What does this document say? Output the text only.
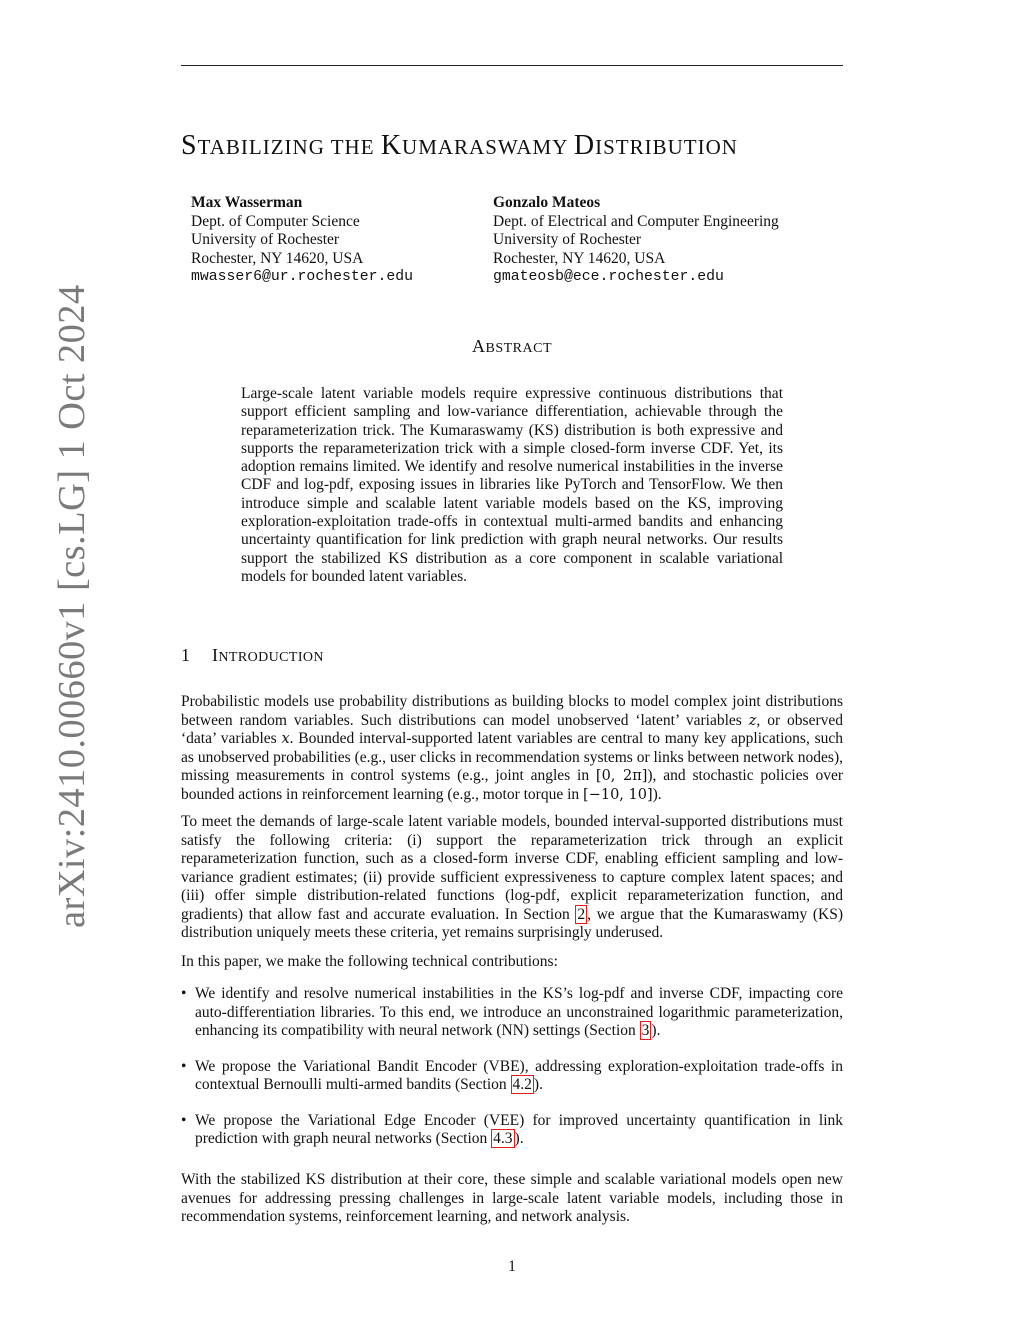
arXiv:2410.00660v1 [cs.LG] 1 Oct 2024
STABILIZING THE KUMARASWAMY DISTRIBUTION
Max Wasserman
Dept. of Computer Science
University of Rochester
Rochester, NY 14620, USA
mwasser6@ur.rochester.edu
Gonzalo Mateos
Dept. of Electrical and Computer Engineering
University of Rochester
Rochester, NY 14620, USA
gmateosb@ece.rochester.edu
ABSTRACT

Large-scale latent variable models require expressive continuous distributions that support efficient sampling and low-variance differentiation, achievable through the reparameterization trick. The Kumaraswamy (KS) distribution is both expressive and supports the reparameterization trick with a simple closed-form inverse CDF. Yet, its adoption remains limited. We identify and resolve numerical instabilities in the inverse CDF and log-pdf, exposing issues in libraries like PyTorch and TensorFlow. We then introduce simple and scalable latent variable models based on the KS, improving exploration-exploitation trade-offs in contextual multi-armed bandits and enhancing uncertainty quantification for link prediction with graph neural networks. Our results support the stabilized KS distribution as a core component in scalable variational models for bounded latent variables.

1 INTRODUCTION

Probabilistic models use probability distributions as building blocks to model complex joint distributions between random variables. Such distributions can model unobserved ‘latent’ variables z, or observed ‘data’ variables x. Bounded interval-supported latent variables are central to many key applications, such as unobserved probabilities (e.g., user clicks in recommendation systems or links between network nodes), missing measurements in control systems (e.g., joint angles in [0, 2π]), and stochastic policies over bounded actions in reinforcement learning (e.g., motor torque in [−10, 10]).

To meet the demands of large-scale latent variable models, bounded interval-supported distributions must satisfy the following criteria: (i) support the reparameterization trick through an explicit reparameterization function, such as a closed-form inverse CDF, enabling efficient sampling and low-variance gradient estimates; (ii) provide sufficient expressiveness to capture complex latent spaces; and (iii) offer simple distribution-related functions (log-pdf, explicit reparameterization function, and gradients) that allow fast and accurate evaluation. In Section 2 , we argue that the Kumaraswamy (KS) distribution uniquely meets these criteria, yet remains surprisingly underused.

In this paper, we make the following technical contributions:

• We identify and resolve numerical instabilities in the KS’s log-pdf and inverse CDF, impacting core auto-differentiation libraries. To this end, we introduce an unconstrained logarithmic parameterization, enhancing its compatibility with neural network (NN) settings (Section 3 ).
• We propose the Variational Bandit Encoder (VBE), addressing exploration-exploitation trade-offs in contextual Bernoulli multi-armed bandits (Section 4.2 ).
• We propose the Variational Edge Encoder (VEE) for improved uncertainty quantification in link prediction with graph neural networks (Section 4.3 ).

With the stabilized KS distribution at their core, these simple and scalable variational models open new avenues for addressing pressing challenges in large-scale latent variable models, including those in recommendation systems, reinforcement learning, and network analysis.

1
